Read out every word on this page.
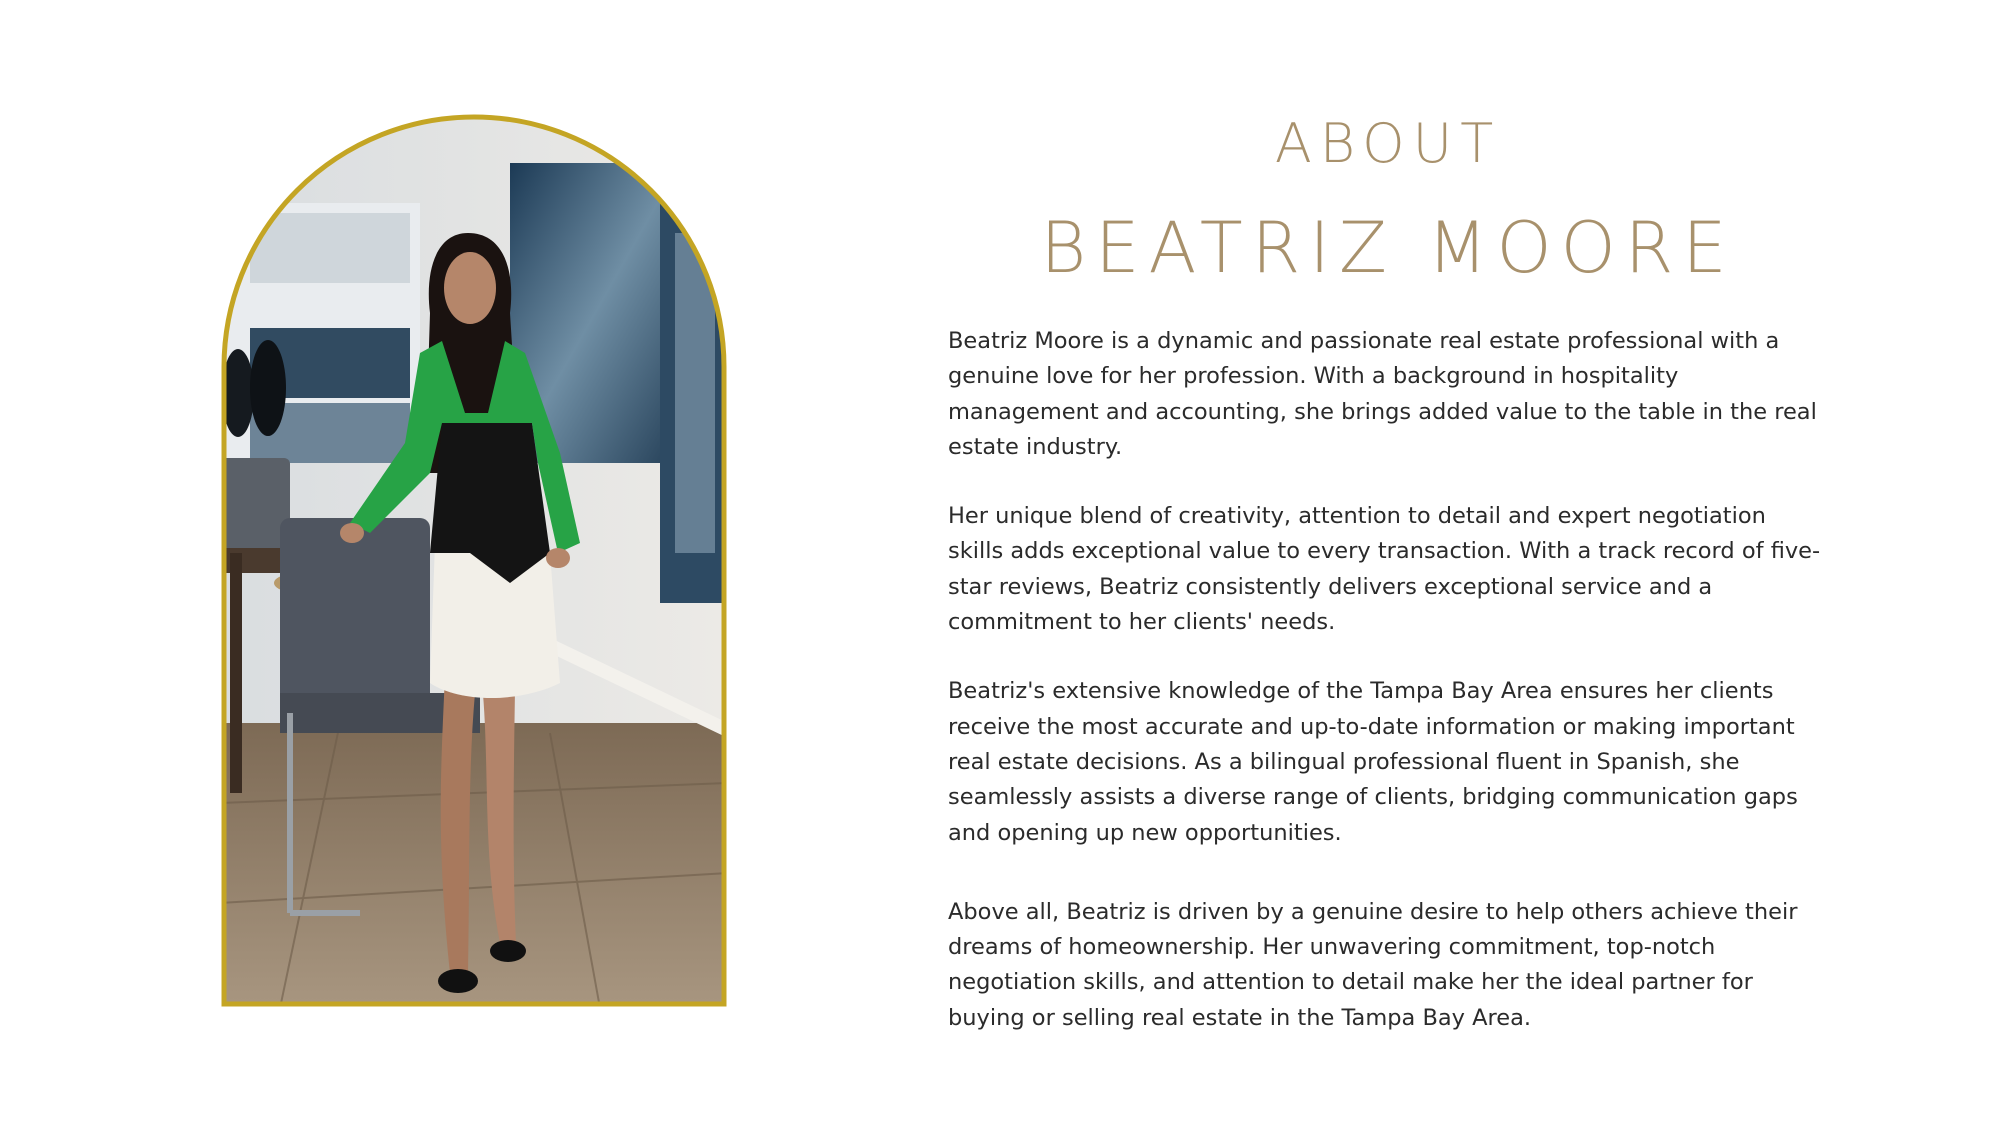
ABOUT
BEATRIZ MOORE

Beatriz Moore is a dynamic and passionate real estate professional with a genuine love for her profession. With a background in hospitality management and accounting, she brings added value to the table in the real estate industry.

Her unique blend of creativity, attention to detail and expert negotiation skills adds exceptional value to every transaction. With a track record of five-star reviews, Beatriz consistently delivers exceptional service and a commitment to her clients' needs.

Beatriz's extensive knowledge of the Tampa Bay Area ensures her clients receive the most accurate and up-to-date information or making important real estate decisions. As a bilingual professional fluent in Spanish, she seamlessly assists a diverse range of clients, bridging communication gaps and opening up new opportunities.

Above all, Beatriz is driven by a genuine desire to help others achieve their dreams of homeownership. Her unwavering commitment, top-notch negotiation skills, and attention to detail make her the ideal partner for buying or selling real estate in the Tampa Bay Area.
